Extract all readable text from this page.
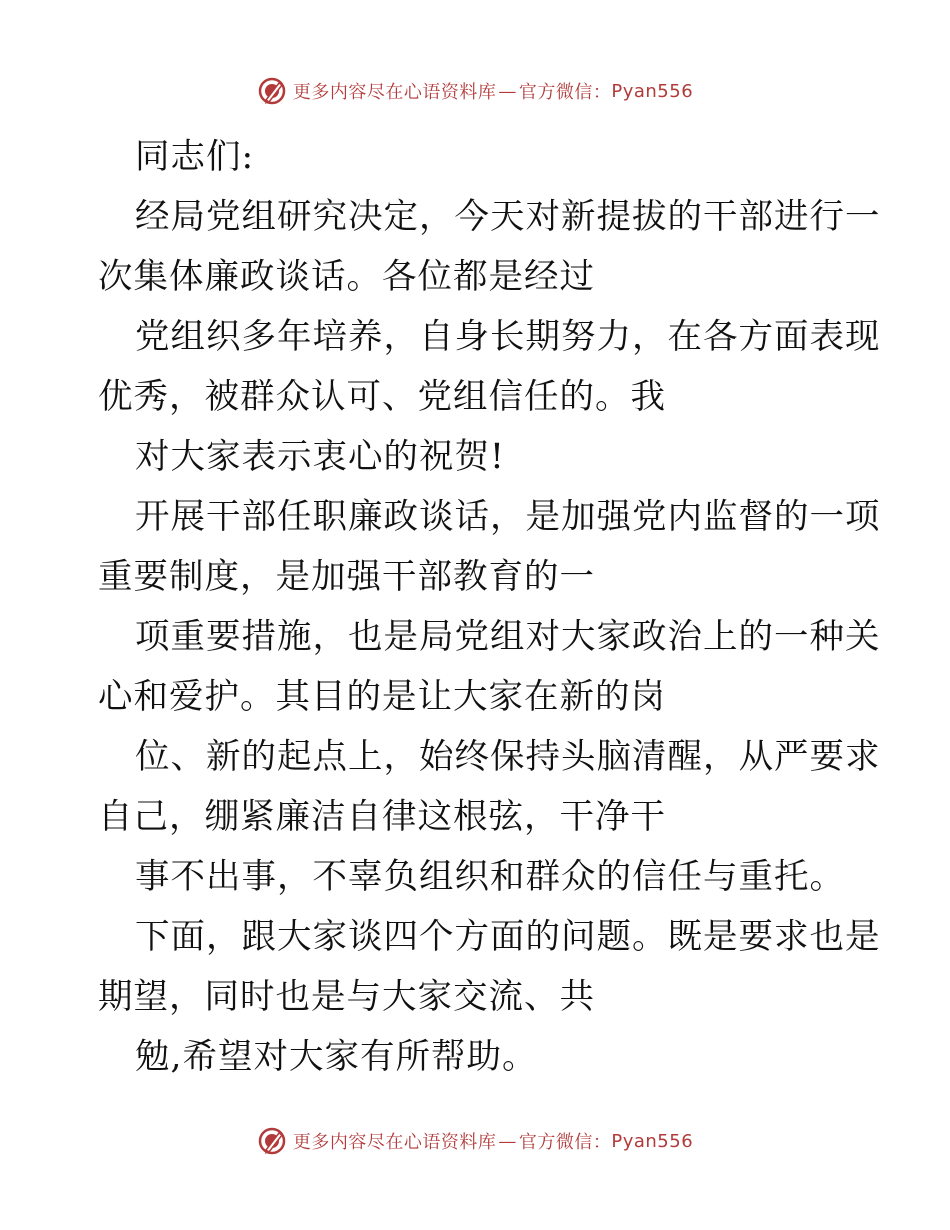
更多内容尽在心语资料库 — 官方微信： Pyan556
同志们:
经局党组研究决定，今天对新提拔的干部进行一
次集体廉政谈话。各位都是经过
党组织多年培养，自身长期努力，在各方面表现
优秀，被群众认可、党组信任的。我
对大家表示衷心的祝贺!
开展干部任职廉政谈话，是加强党内监督的一项
重要制度，是加强干部教育的一
项重要措施，也是局党组对大家政治上的一种关
心和爱护。其目的是让大家在新的岗
位、新的起点上，始终保持头脑清醒，从严要求
自己，绷紧廉洁自律这根弦，干净干
事不出事，不辜负组织和群众的信任与重托。
下面，跟大家谈四个方面的问题。既是要求也是
期望，同时也是与大家交流、共
勉,希望对大家有所帮助。
更多内容尽在心语资料库 — 官方微信： Pyan556
